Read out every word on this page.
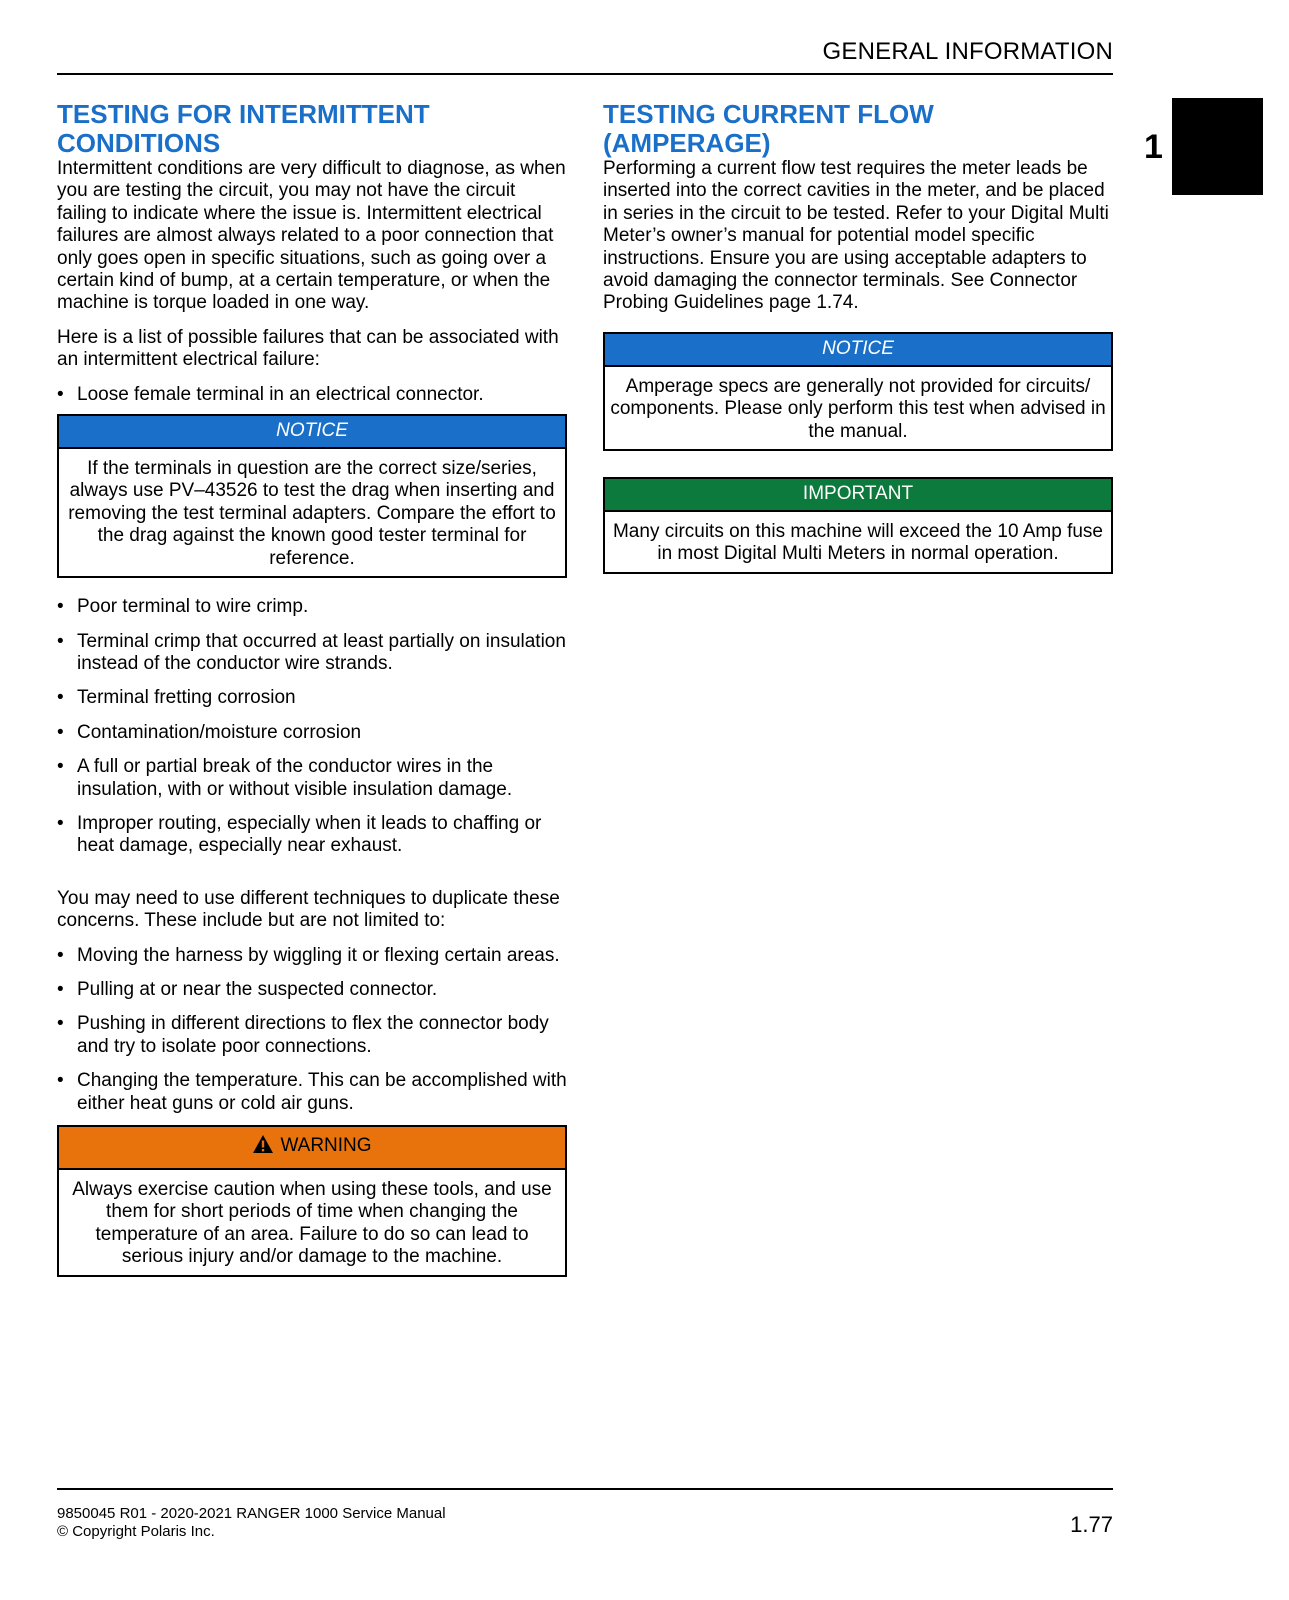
GENERAL INFORMATION
1
TESTING FOR INTERMITTENT CONDITIONS

Intermittent conditions are very difficult to diagnose, as when you are testing the circuit, you may not have the circuit failing to indicate where the issue is. Intermittent electrical failures are almost always related to a poor connection that only goes open in specific situations, such as going over a certain kind of bump, at a certain temperature, or when the machine is torque loaded in one way.

Here is a list of possible failures that can be associated with an intermittent electrical failure:

• Loose female terminal in an electrical connector.
NOTICE
If the terminals in question are the correct size/series, always use PV–43526 to test the drag when inserting and removing the test terminal adapters. Compare the effort to the drag against the known good tester terminal for reference.
• Poor terminal to wire crimp.
• Terminal crimp that occurred at least partially on insulation instead of the conductor wire strands.
• Terminal fretting corrosion
• Contamination/moisture corrosion
• A full or partial break of the conductor wires in the insulation, with or without visible insulation damage.
• Improper routing, especially when it leads to chaffing or heat damage, especially near exhaust.

You may need to use different techniques to duplicate these concerns. These include but are not limited to:

• Moving the harness by wiggling it or flexing certain areas.
• Pulling at or near the suspected connector.
• Pushing in different directions to flex the connector body and try to isolate poor connections.
• Changing the temperature. This can be accomplished with either heat guns or cold air guns.
WARNING
Always exercise caution when using these tools, and use them for short periods of time when changing the temperature of an area. Failure to do so can lead to serious injury and/or damage to the machine.
TESTING CURRENT FLOW (AMPERAGE)

Performing a current flow test requires the meter leads be inserted into the correct cavities in the meter, and be placed in series in the circuit to be tested. Refer to your Digital Multi Meter’s owner’s manual for potential model specific instructions. Ensure you are using acceptable adapters to avoid damaging the connector terminals. See Connector Probing Guidelines page 1.74.

NOTICE
Amperage specs are generally not provided for circuits/ components. Please only perform this test when advised in the manual.
IMPORTANT
Many circuits on this machine will exceed the 10 Amp fuse in most Digital Multi Meters in normal operation.
9850045 R01 - 2020-2021 RANGER 1000 Service Manual
© Copyright Polaris Inc.	1.77
